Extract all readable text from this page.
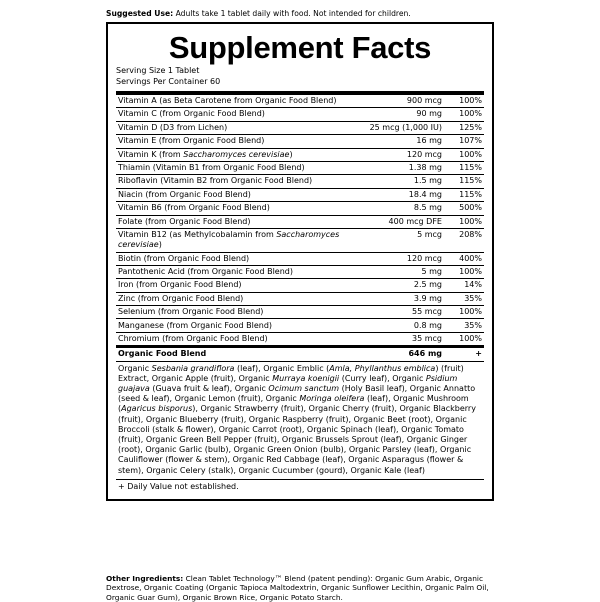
Suggested Use: Adults take 1 tablet daily with food. Not intended for children.
Supplement Facts
Serving Size 1 Tablet
Servings Per Container 60
Vitamin A (as Beta Carotene from Organic Food Blend)	900 mcg	100%
Vitamin C (from Organic Food Blend)	90 mg	100%
Vitamin D (D3 from Lichen)	25 mcg (1,000 IU)	125%
Vitamin E (from Organic Food Blend)	16 mg	107%
Vitamin K (from Saccharomyces cerevisiae)	120 mcg	100%
Thiamin (Vitamin B1 from Organic Food Blend)	1.38 mg	115%
Riboflavin (Vitamin B2 from Organic Food Blend)	1.5 mg	115%
Niacin (from Organic Food Blend)	18.4 mg	115%
Vitamin B6 (from Organic Food Blend)	8.5 mg	500%
Folate (from Organic Food Blend)	400 mcg DFE	100%
Vitamin B12 (as Methylcobalamin from Saccharomyces cerevisiae)	5 mcg	208%
Biotin (from Organic Food Blend)	120 mcg	400%
Pantothenic Acid (from Organic Food Blend)	5 mg	100%
Iron (from Organic Food Blend)	2.5 mg	14%
Zinc (from Organic Food Blend)	3.9 mg	35%
Selenium (from Organic Food Blend)	55 mcg	100%
Manganese (from Organic Food Blend)	0.8 mg	35%
Chromium (from Organic Food Blend)	35 mcg	100%
Organic Food Blend	646 mg	+
Organic Sesbania grandiflora (leaf), Organic Emblic (Amla, Phyllanthus emblica) (fruit) Extract, Organic Apple (fruit), Organic Murraya koenigii (Curry leaf), Organic Psidium guajava (Guava fruit & leaf), Organic Ocimum sanctum (Holy Basil leaf), Organic Annatto (seed & leaf), Organic Lemon (fruit), Organic Moringa oleifera (leaf), Organic Mushroom (Agaricus bisporus), Organic Strawberry (fruit), Organic Cherry (fruit), Organic Blackberry (fruit), Organic Blueberry (fruit), Organic Raspberry (fruit), Organic Beet (root), Organic Broccoli (stalk & flower), Organic Carrot (root), Organic Spinach (leaf), Organic Tomato (fruit), Organic Green Bell Pepper (fruit), Organic Brussels Sprout (leaf), Organic Ginger (root), Organic Garlic (bulb), Organic Green Onion (bulb), Organic Parsley (leaf), Organic Cauliflower (flower & stem), Organic Red Cabbage (leaf), Organic Asparagus (flower & stem), Organic Celery (stalk), Organic Cucumber (gourd), Organic Kale (leaf)
+ Daily Value not established.
Other Ingredients: Clean Tablet Technology™ Blend (patent pending): Organic Gum Arabic, Organic Dextrose, Organic Coating (Organic Tapioca Maltodextrin, Organic Sunflower Lecithin, Organic Palm Oil, Organic Guar Gum), Organic Brown Rice, Organic Potato Starch.
